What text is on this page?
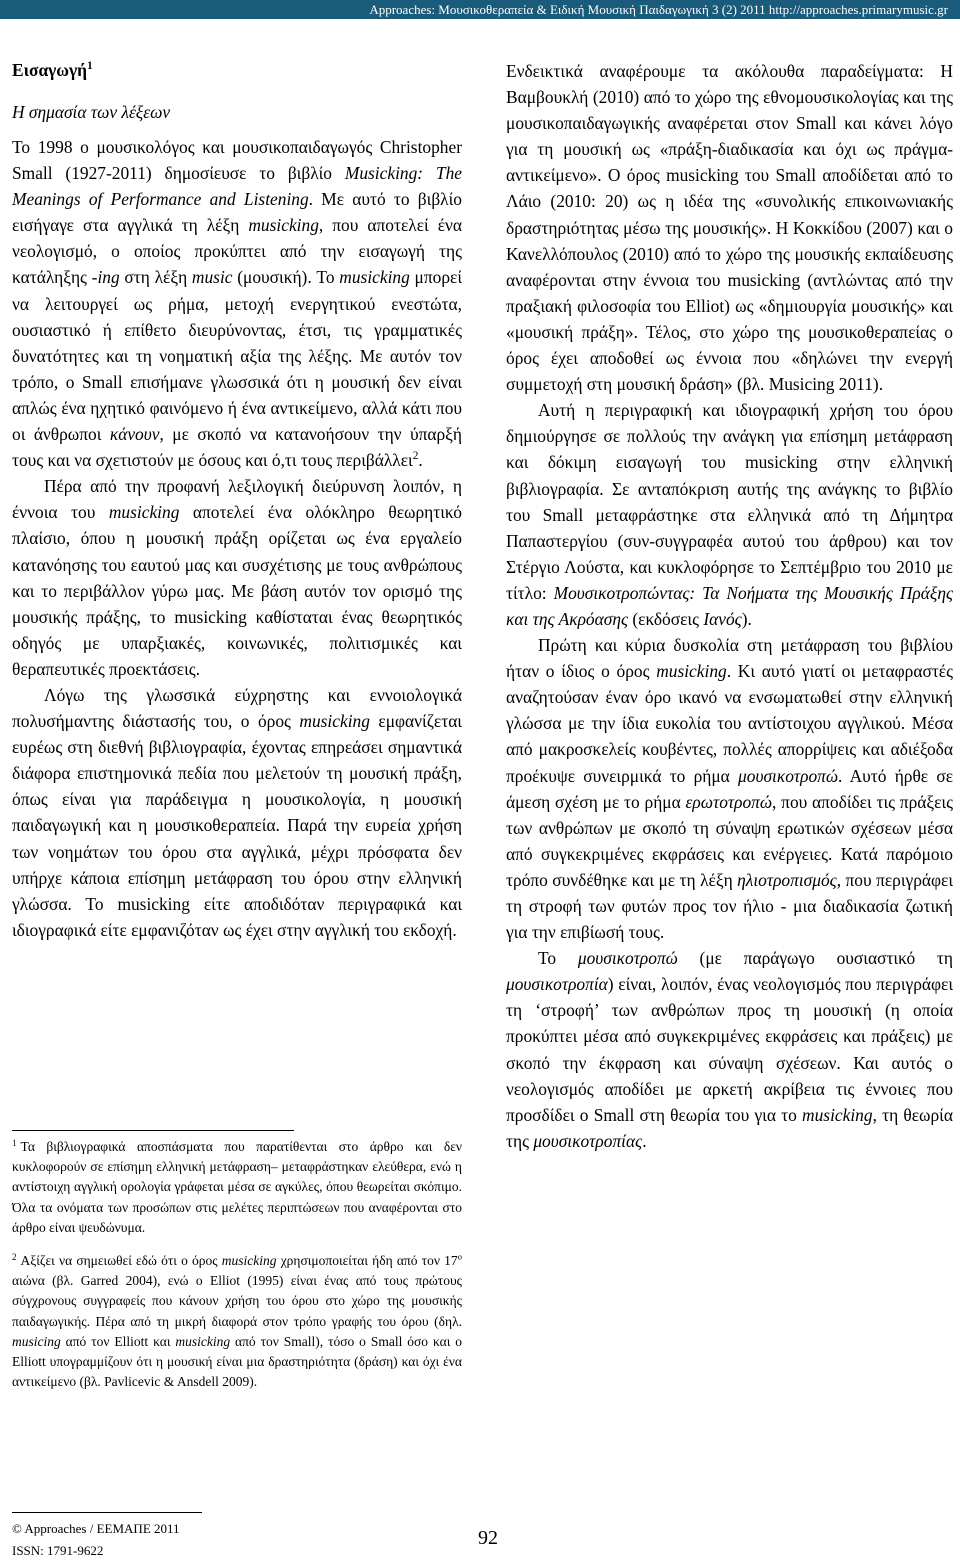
Approaches: Μουσικοθεραπεία & Ειδική Μουσική Παιδαγωγική 3 (2) 2011 http://approaches.primarymusic.gr
Εισαγωγή$^1$
Η σημασία των λέξεων

Το 1998 ο μουσικολόγος και μουσικοπαιδαγωγός Christopher Small (1927-2011) δημοσίευσε το βιβλίο Musicking: The Meanings of Performance and Listening. Με αυτό το βιβλίο εισήγαγε στα αγγλικά τη λέξη musicking, που αποτελεί ένα νεολογισμό, ο οποίος προκύπτει από την εισαγωγή της κατάληξης -ing στη λέξη music (μουσική). Το musicking μπορεί να λειτουργεί ως ρήμα, μετοχή ενεργητικού ενεστώτα, ουσιαστικό ή επίθετο διευρύνοντας, έτσι, τις γραμματικές δυνατότητες και τη νοηματική αξία της λέξης. Με αυτόν τον τρόπο, ο Small επισήμανε γλωσσικά ότι η μουσική δεν είναι απλώς ένα ηχητικό φαινόμενο ή ένα αντικείμενο, αλλά κάτι που οι άνθρωποι κάνουν, με σκοπό να κατανοήσουν την ύπαρξή τους και να σχετιστούν με όσους και ό,τι τους περιβάλλει$^2$.

Πέρα από την προφανή λεξιλογική διεύρυνση λοιπόν, η έννοια του musicking αποτελεί ένα ολόκληρο θεωρητικό πλαίσιο, όπου η μουσική πράξη ορίζεται ως ένα εργαλείο κατανόησης του εαυτού μας και συσχέτισης με τους ανθρώπους και το περιβάλλον γύρω μας. Με βάση αυτόν τον ορισμό της μουσικής πράξης, το musicking καθίσταται ένας θεωρητικός οδηγός με υπαρξιακές, κοινωνικές, πολιτισμικές και θεραπευτικές προεκτάσεις.

Λόγω της γλωσσικά εύχρηστης και εννοιολογικά πολυσήμαντης διάστασής του, ο όρος musicking εμφανίζεται ευρέως στη διεθνή βιβλιογραφία, έχοντας επηρεάσει σημαντικά διάφορα επιστημονικά πεδία που μελετούν τη μουσική πράξη, όπως είναι για παράδειγμα η μουσικολογία, η μουσική παιδαγωγική και η μουσικοθεραπεία. Παρά την ευρεία χρήση των νοημάτων του όρου στα αγγλικά, μέχρι πρόσφατα δεν υπήρχε κάποια επίσημη μετάφραση του όρου στην ελληνική γλώσσα. Το musicking είτε αποδιδόταν περιγραφικά και ιδιογραφικά είτε εμφανιζόταν ως έχει στην αγγλική του εκδοχή.

$^1$ Τα βιβλιογραφικά αποσπάσματα που παρατίθενται στο άρθρο και δεν κυκλοφορούν σε επίσημη ελληνική μετάφραση– μεταφράστηκαν ελεύθερα, ενώ η αντίστοιχη αγγλική ορολογία γράφεται μέσα σε αγκύλες, όπου θεωρείται σκόπιμο. Όλα τα ονόματα των προσώπων στις μελέτες περιπτώσεων που αναφέρονται στο άρθρο είναι ψευδώνυμα.

$^2$ Αξίζει να σημειωθεί εδώ ότι ο όρος musicking χρησιμοποιείται ήδη από τον $17^o$ αιώνα (βλ. Garred 2004), ενώ ο Elliot (1995) είναι ένας από τους πρώτους σύγχρονους συγγραφείς που κάνουν χρήση του όρου στο χώρο της μουσικής παιδαγωγικής. Πέρα από τη μικρή διαφορά στον τρόπο γραφής του όρου (δηλ. musicing από τον Elliott και musicking από τον Small), τόσο ο Small όσο και ο Elliott υπογραμμίζουν ότι η μουσική είναι μια δραστηριότητα (δράση) και όχι ένα αντικείμενο (βλ. Pavlicevic & Ansdell 2009).

Ενδεικτικά αναφέρουμε τα ακόλουθα παραδείγματα: Η Βαμβουκλή (2010) από το χώρο της εθνομουσικολογίας και της μουσικοπαιδαγωγικής αναφέρεται στον Small και κάνει λόγο για τη μουσική ως «πράξη-διαδικασία και όχι ως πράγμα-αντικείμενο». Ο όρος musicking του Small αποδίδεται από το Λάιο (2010: 20) ως η ιδέα της «συνολικής επικοινωνιακής δραστηριότητας μέσω της μουσικής». Η Κοκκίδου (2007) και ο Κανελλόπουλος (2010) από το χώρο της μουσικής εκπαίδευσης αναφέρονται στην έννοια του musicking (αντλώντας από την πραξιακή φιλοσοφία του Elliot) ως «δημιουργία μουσικής» και «μουσική πράξη». Τέλος, στο χώρο της μουσικοθεραπείας ο όρος έχει αποδοθεί ως έννοια που «δηλώνει την ενεργή συμμετοχή στη μουσική δράση» (βλ. Musicing 2011).

Αυτή η περιγραφική και ιδιογραφική χρήση του όρου δημιούργησε σε πολλούς την ανάγκη για επίσημη μετάφραση και δόκιμη εισαγωγή του musicking στην ελληνική βιβλιογραφία. Σε ανταπόκριση αυτής της ανάγκης το βιβλίο του Small μεταφράστηκε στα ελληνικά από τη Δήμητρα Παπαστεργίου (συν-συγγραφέα αυτού του άρθρου) και τον Στέργιο Λούστα, και κυκλοφόρησε το Σεπτέμβριο του 2010 με τίτλο: Μουσικοτροπώντας: Τα Νοήματα της Μουσικής Πράξης και της Ακρόασης (εκδόσεις Ιανός).

Πρώτη και κύρια δυσκολία στη μετάφραση του βιβλίου ήταν ο ίδιος ο όρος musicking. Κι αυτό γιατί οι μεταφραστές αναζητούσαν έναν όρο ικανό να ενσωματωθεί στην ελληνική γλώσσα με την ίδια ευκολία του αντίστοιχου αγγλικού. Μέσα από μακροσκελείς κουβέντες, πολλές απορρίψεις και αδιέξοδα προέκυψε συνειρμικά το ρήμα μουσικοτροπώ. Αυτό ήρθε σε άμεση σχέση με το ρήμα ερωτοτροπώ, που αποδίδει τις πράξεις των ανθρώπων με σκοπό τη σύναψη ερωτικών σχέσεων μέσα από συγκεκριμένες εκφράσεις και ενέργειες. Κατά παρόμοιο τρόπο συνδέθηκε και με τη λέξη ηλιοτροπισμός, που περιγράφει τη στροφή των φυτών προς τον ήλιο - μια διαδικασία ζωτική για την επιβίωσή τους.

Το μουσικοτροπώ (με παράγωγο ουσιαστικό τη μουσικοτροπία) είναι, λοιπόν, ένας νεολογισμός που περιγράφει τη ‘στροφή’ των ανθρώπων προς τη μουσική (η οποία προκύπτει μέσα από συγκεκριμένες εκφράσεις και πράξεις) με σκοπό την έκφραση και σύναψη σχέσεων. Και αυτός ο νεολογισμός αποδίδει με αρκετή ακρίβεια τις έννοιες που προσδίδει ο Small στη θεωρία του για το musicking, τη θεωρία της μουσικοτροπίας.

© Approaches / ΕΕΜΑΠΕ 2011
ISSN: 1791-9622
92
